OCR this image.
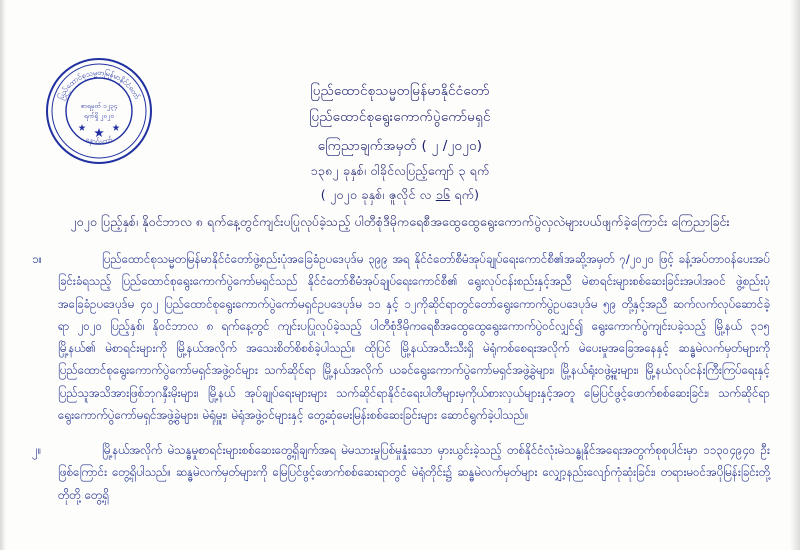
ပြည်ထောင်စုသမ္မတမြန်မာနိုင်ငံတော်
နှောင်တော်
စာရမှတ် ၁၂၃၄
ရက်ရှိ ၂၀၂၀
ပြည်ထောင်စုသမ္မတမြန်မာနိုင်ငံတော်
ပြည်ထောင်စုရွေးကောက်ပွဲကော်မရှင်
ကြေညာချက်အမှတ် ( ၂ /၂၀၂၀)
၁၃၈၂ ခုနှစ်၊ ဝါခိုင်လပြည့်ကျော် ၃ ရက်
( ၂၀၂၀ ခုနှစ်၊ ဇူလိုင် လ ၁၆ ရက်)
၂၀၂၀ ပြည့်နှစ်၊ နိုဝင်ဘာလ ၈ ရက်နေ့တွင်ကျင်းပပြုလုပ်ခဲ့သည့် ပါတီစုံဒီမိုကရေစီအထွေထွေရွေးကောက်ပွဲလှလဲများပယ်ဖျက်ခဲ့ကြောင်း ကြေညာခြင်း
၁။	ပြည်ထောင်စုသမ္မတမြန်မာနိုင်ငံတော်ဖွဲ့စည်းပုံအခြေခံဥပဒေပုဒ်မ ၃၉၉ အရ နိုင်ငံတော်စီမံအုပ်ချုပ်ရေးကောင်စီ၏အဆို့အမှတ် ၇/၂၀၂၀ ဖြင့် ခန့်အပ်တာဝန်ပေးအပ်ခြင်းခံရသည့် ပြည်ထောင်စုရွေးကောက်ပွဲကော်မရှင်သည် နိုင်ငံတော်စီမံအုပ်ချုပ်ရေးကောင်စီ၏ ရွေးလုပ်ငန်းစည်းနှင့်အညီ မဲစာရင်းများစစ်ဆေးခြင်းအပါအဝင် ဖွဲ့စည်းပုံအခြေခံဥပဒေပုဒ်မ ၄၀၂ ပြည်ထောင်စုရွေးကောက်ပွဲကော်မရှင်ဥပဒေပုဒ်မ ၁၁ နှင့် ၁၂ကိုဆိုင်ရာတွင်တော်ရွေးကောက်ပွဲဥပဒေပုဒ်မ ၅၉ တို့နှင့်အညီ ဆက်လက်လုပ်ဆောင်ခဲ့ရာ ၂၀၂၀ ပြည့်နှစ်၊ နိုဝင်ဘာလ ၈ ရက်နေ့တွင် ကျင်းပပြုလုပ်ခဲ့သည့် ပါတီစုံဒီမိုကရေစီအထွေထွေရွေးကောက်ပွဲဝင်လျှင်၍ ရွေးကောက်ပွဲကျင်းပခဲ့သည့် မြို့နယ် ၃၁၅ မြို့နယ်၏ မဲစာရင်းများကို မြို့နယ်အလိုက် အသေးစိတ်စိစစ်ခဲ့ပါသည်။ ထိုပြင် မြို့နယ်အသီးသီးရှိ မဲရုံကစ်စေရးအလိုက် မဲပေးမှုအခြေအနေနှင့် ဆန္ဓမဲလက်မှတ်များကို ပြည်ထောင်စုရွေးကောက်ပွဲကော်မရှင်အဖွဲ့ဝင်များ သက်ဆိုင်ရာ မြို့နယ်အလိုက် ယခင်ရွေးကောက်ပွဲကော်မရှင်အဖွဲ့ခွဲများ၊ မြို့နယ်ရုံးဝဖွဲ့မှူးများ၊ မြို့နယ်လုပ်ငန်းကြီးကြပ်ရေးနှင့်ပြည်သူအသိအားဖြစ်ဘုဂနှီးမိုးများ၊ မြို့နယ် အုပ်ချုပ်ရေးများများ သက်ဆိုင်ရာနိုင်ငံရေးပါတီများမှကိုယ်စားလှယ်များနှင့်အတူ မြေပြင်ဖွင့်ဖောက်စစ်ဆေးခြင်း၊ သက်ဆိုင်ရာရွေးကောက်ပွဲကော်မရှင်အဖွဲ့ခွဲများ၊ မဲရုံမှူး၊ မဲရုံအဖွဲ့ဝင်များနှင့် တွေ့ဆုံမေးမြန်းစစ်ဆေးခြင်းများ ဆောင်ရွက်ခဲ့ပါသည်။
၂။	မြို့နယ်အလိုက် မဲသန္ဓမှုစာရင်းများစစ်ဆေးတွေ့ရှိချက်အရ မဲမသားမှုပြစ်မှုနှုံးသော မှားယွင်းခဲ့သည့် တစ်နိုင်ငံလုံးမဲသန္ဓုနိုင်အရေးအတွက်စုစုပါင်းမှာ ၁၁၃၀၄၉၄၀ ဦးဖြစ်ကြောင်း တွေ့ရှိပါသည်။ ဆန္ဓမဲလက်မှတ်များကို မြေပြင်ဖွင့်ဖောက်စစ်ဆေးရာတွင် မဲရုံတိုင်း၌ ဆန္ဓမဲလက်မှတ်များ လျှော့နည်းလျော်ကုံဆုံးခြင်း၊ တရားမဝင်အပိုမြန်းခြင်းတို့တိုတို့ တွေ့ရှိ
